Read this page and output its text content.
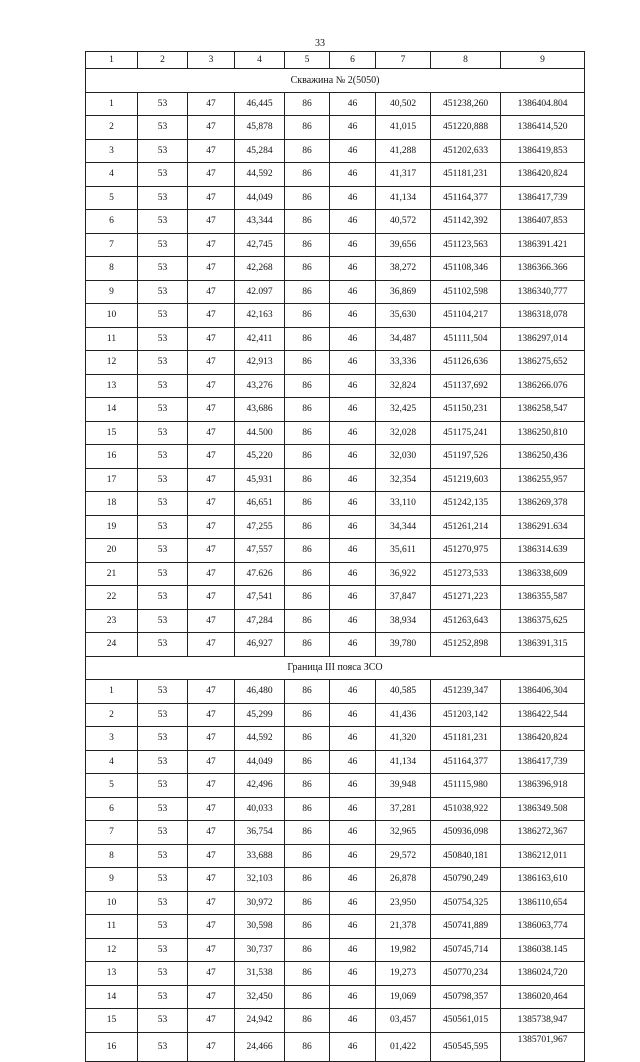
33
1	2	3	4	5	6	7	8	9
Скважина № 2(5050)								
1	53	47	46,445	86	46	40,502	451238,260	1386404.804
2	53	47	45,878	86	46	41,015	451220,888	1386414,520
3	53	47	45,284	86	46	41,288	451202,633	1386419,853
4	53	47	44,592	86	46	41,317	451181,231	1386420,824
5	53	47	44,049	86	46	41,134	451164,377	1386417,739
6	53	47	43,344	86	46	40,572	451142,392	1386407,853
7	53	47	42,745	86	46	39,656	451123,563	1386391.421
8	53	47	42,268	86	46	38,272	451108,346	1386366.366
9	53	47	42.097	86	46	36,869	451102,598	1386340,777
10	53	47	42,163	86	46	35,630	451104,217	1386318,078
11	53	47	42,411	86	46	34,487	451111,504	1386297,014
12	53	47	42,913	86	46	33,336	451126,636	1386275,652
13	53	47	43,276	86	46	32,824	451137,692	1386266.076
14	53	47	43,686	86	46	32,425	451150,231	1386258,547
15	53	47	44.500	86	46	32,028	451175,241	1386250,810
16	53	47	45,220	86	46	32,030	451197,526	1386250,436
17	53	47	45,931	86	46	32,354	451219,603	1386255,957
18	53	47	46,651	86	46	33,110	451242,135	1386269,378
19	53	47	47,255	86	46	34,344	451261,214	1386291.634
20	53	47	47,557	86	46	35,611	451270,975	1386314.639
21	53	47	47.626	86	46	36,922	451273,533	1386338,609
22	53	47	47,541	86	46	37,847	451271,223	1386355,587
23	53	47	47,284	86	46	38,934	451263,643	1386375,625
24	53	47	46,927	86	46	39,780	451252,898	1386391,315
Граница III пояса ЗСО								
1	53	47	46,480	86	46	40,585	451239,347	1386406,304
2	53	47	45,299	86	46	41,436	451203,142	1386422,544
3	53	47	44,592	86	46	41,320	451181,231	1386420,824
4	53	47	44,049	86	46	41,134	451164,377	1386417,739
5	53	47	42,496	86	46	39,948	451115,980	1386396,918
6	53	47	40,033	86	46	37,281	451038,922	1386349.508
7	53	47	36,754	86	46	32,965	450936,098	1386272,367
8	53	47	33,688	86	46	29,572	450840,181	1386212,011
9	53	47	32,103	86	46	26,878	450790,249	1386163,610
10	53	47	30,972	86	46	23,950	450754,325	1386110,654
11	53	47	30,598	86	46	21,378	450741,889	1386063,774
12	53	47	30,737	86	46	19,982	450745,714	1386038.145
13	53	47	31,538	86	46	19,273	450770,234	1386024,720
14	53	47	32,450	86	46	19,069	450798,357	1386020,464
15	53	47	24,942	86	46	03,457	450561,015	1385738,947
16	53	47	24,466	86	46	01,422	450545,595	1385701,967
